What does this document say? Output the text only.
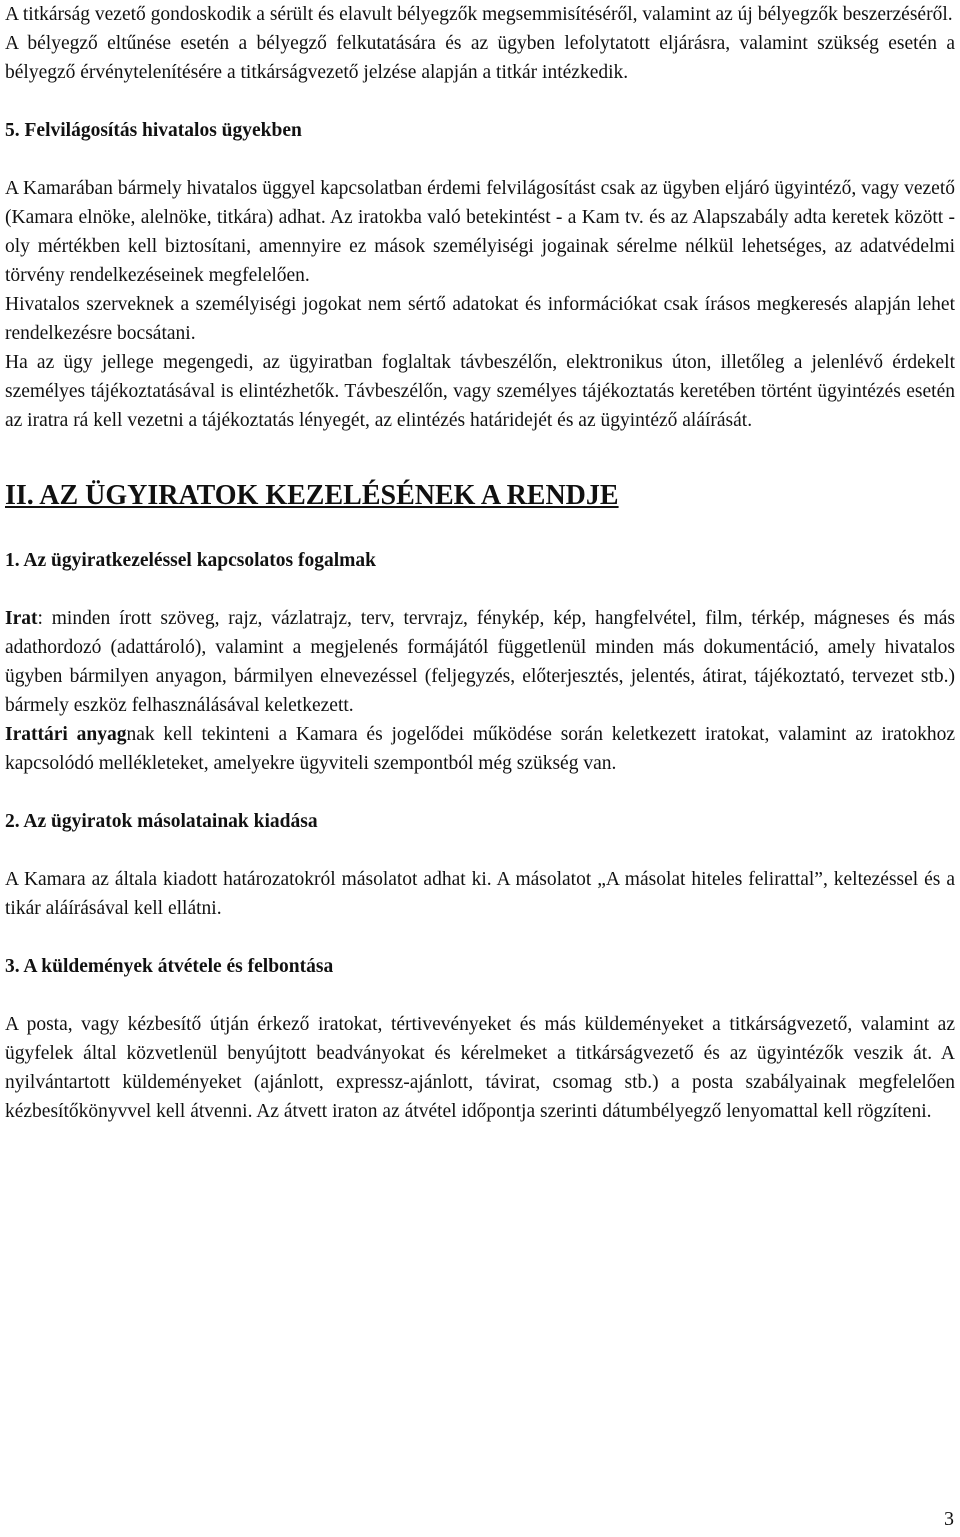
A titkárság vezető gondoskodik a sérült és elavult bélyegzők megsemmisítéséről, valamint az új bélyegzők beszerzéséről.

A bélyegző eltűnése esetén a bélyegző felkutatására és az ügyben lefolytatott eljárásra, valamint szükség esetén a bélyegző érvénytelenítésére a titkárságvezető jelzése alapján a titkár intézkedik.

5. Felvilágosítás hivatalos ügyekben

A Kamarában bármely hivatalos üggyel kapcsolatban érdemi felvilágosítást csak az ügyben eljáró ügyintéző, vagy vezető (Kamara elnöke, alelnöke, titkára) adhat. Az iratokba való betekintést - a Kam tv. és az Alapszabály adta keretek között - oly mértékben kell biztosítani, amennyire ez mások személyiségi jogainak sérelme nélkül lehetséges, az adatvédelmi törvény rendelkezéseinek megfelelően.

Hivatalos szerveknek a személyiségi jogokat nem sértő adatokat és információkat csak írásos megkeresés alapján lehet rendelkezésre bocsátani.

Ha az ügy jellege megengedi, az ügyiratban foglaltak távbeszélőn, elektronikus úton, illetőleg a jelenlévő érdekelt személyes tájékoztatásával is elintézhetők. Távbeszélőn, vagy személyes tájékoztatás keretében történt ügyintézés esetén az iratra rá kell vezetni a tájékoztatás lényegét, az elintézés határidejét és az ügyintéző aláírását.

II. AZ ÜGYIRATOK KEZELÉSÉNEK A RENDJE

1. Az ügyiratkezeléssel kapcsolatos fogalmak

Irat: minden írott szöveg, rajz, vázlatrajz, terv, tervrajz, fénykép, kép, hangfelvétel, film, térkép, mágneses és más adathordozó (adattároló), valamint a megjelenés formájától függetlenül minden más dokumentáció, amely hivatalos ügyben bármilyen anyagon, bármilyen elnevezéssel (feljegyzés, előterjesztés, jelentés, átirat, tájékoztató, tervezet stb.) bármely eszköz felhasználásával keletkezett.

Irattári anyagnak kell tekinteni a Kamara és jogelődei működése során keletkezett iratokat, valamint az iratokhoz kapcsolódó mellékleteket, amelyekre ügyviteli szempontból még szükség van.

2. Az ügyiratok másolatainak kiadása

A Kamara az általa kiadott határozatokról másolatot adhat ki. A másolatot „A másolat hiteles felirattal”, keltezéssel és a tikár aláírásával kell ellátni.

3. A küldemények átvétele és felbontása

A posta, vagy kézbesítő útján érkező iratokat, tértivevényeket és más küldeményeket a titkárságvezető, valamint az ügyfelek által közvetlenül benyújtott beadványokat és kérelmeket a titkárságvezető és az ügyintézők veszik át. A nyilvántartott küldeményeket (ajánlott, expressz-ajánlott, távirat, csomag stb.) a posta szabályainak megfelelően kézbesítőkönyvvel kell átvenni. Az átvett iraton az átvétel időpontja szerinti dátumbélyegző lenyomattal kell rögzíteni.

3
